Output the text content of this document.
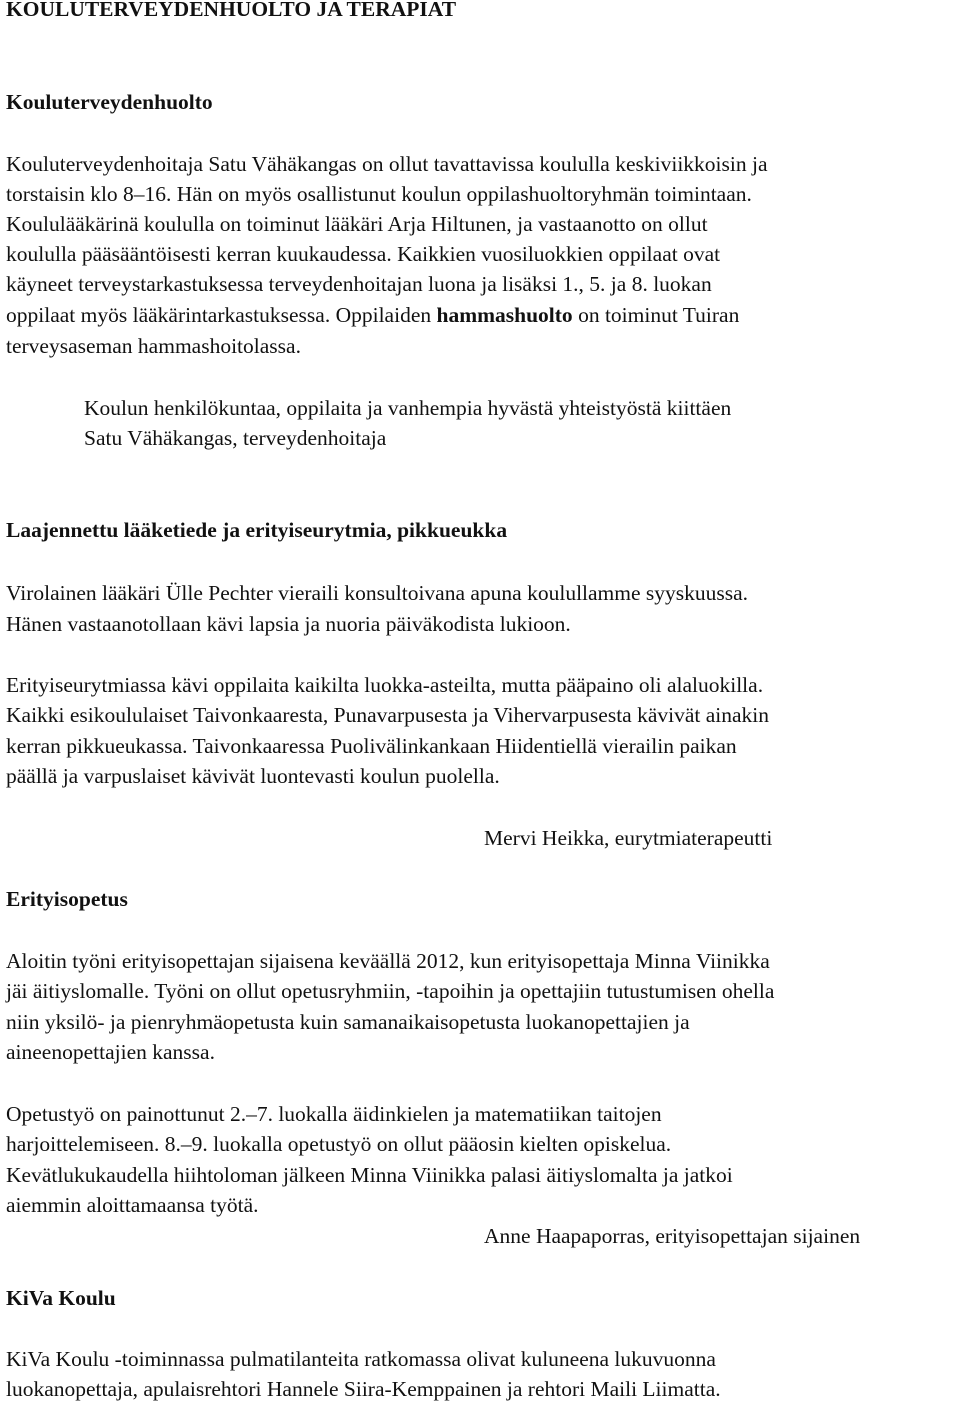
KOULUTERVEYDENHUOLTO JA TERAPIAT
Kouluterveydenhuolto
Kouluterveydenhoitaja Satu Vähäkangas on ollut tavattavissa koululla keskiviikkoisin ja
torstaisin klo 8–16. Hän on myös osallistunut koulun oppilashuoltoryhmän toimintaan.
Koululääkärinä koululla on toiminut lääkäri Arja Hiltunen, ja vastaanotto on ollut
koululla pääsääntöisesti kerran kuukaudessa. Kaikkien vuosiluokkien oppilaat ovat
käyneet terveystarkastuksessa terveydenhoitajan luona ja lisäksi 1., 5. ja 8. luokan
oppilaat myös lääkärintarkastuksessa. Oppilaiden hammashuolto on toiminut Tuiran
terveysaseman hammashoitolassa.
Koulun henkilökuntaa, oppilaita ja vanhempia hyvästä yhteistyöstä kiittäen
Satu Vähäkangas, terveydenhoitaja
Laajennettu lääketiede ja erityiseurytmia, pikkueukka
Virolainen lääkäri Ülle Pechter vieraili konsultoivana apuna koulullamme syyskuussa.
Hänen vastaanotollaan kävi lapsia ja nuoria päiväkodista lukioon.
Erityiseurytmiassa kävi oppilaita kaikilta luokka-asteilta, mutta pääpaino oli alaluokilla.
Kaikki esikoululaiset Taivonkaaresta, Punavarpusesta ja Vihervarpusesta kävivät ainakin
kerran pikkueukassa. Taivonkaaressa Puolivälinkankaan Hiidentiellä vierailin paikan
päällä ja varpuslaiset kävivät luontevasti koulun puolella.
Mervi Heikka, eurytmiaterapeutti
Erityisopetus
Aloitin työni erityisopettajan sijaisena keväällä 2012, kun erityisopettaja Minna Viinikka
jäi äitiyslomalle. Työni on ollut opetusryhmiin, -tapoihin ja opettajiin tutustumisen ohella
niin yksilö- ja pienryhmäopetusta kuin samanaikaisopetusta luokanopettajien ja
aineenopettajien kanssa.
Opetustyö on painottunut 2.–7. luokalla äidinkielen ja matematiikan taitojen
harjoittelemiseen. 8.–9. luokalla opetustyö on ollut pääosin kielten opiskelua.
Kevätlukukaudella hiihtoloman jälkeen Minna Viinikka palasi äitiyslomalta ja jatkoi
aiemmin aloittamaansa työtä.
Anne Haapaporras, erityisopettajan sijainen
KiVa Koulu
KiVa Koulu -toiminnassa pulmatilanteita ratkomassa olivat kuluneena lukuvuonna
luokanopettaja, apulaisrehtori Hannele Siira-Kemppainen ja rehtori Maili Liimatta.
